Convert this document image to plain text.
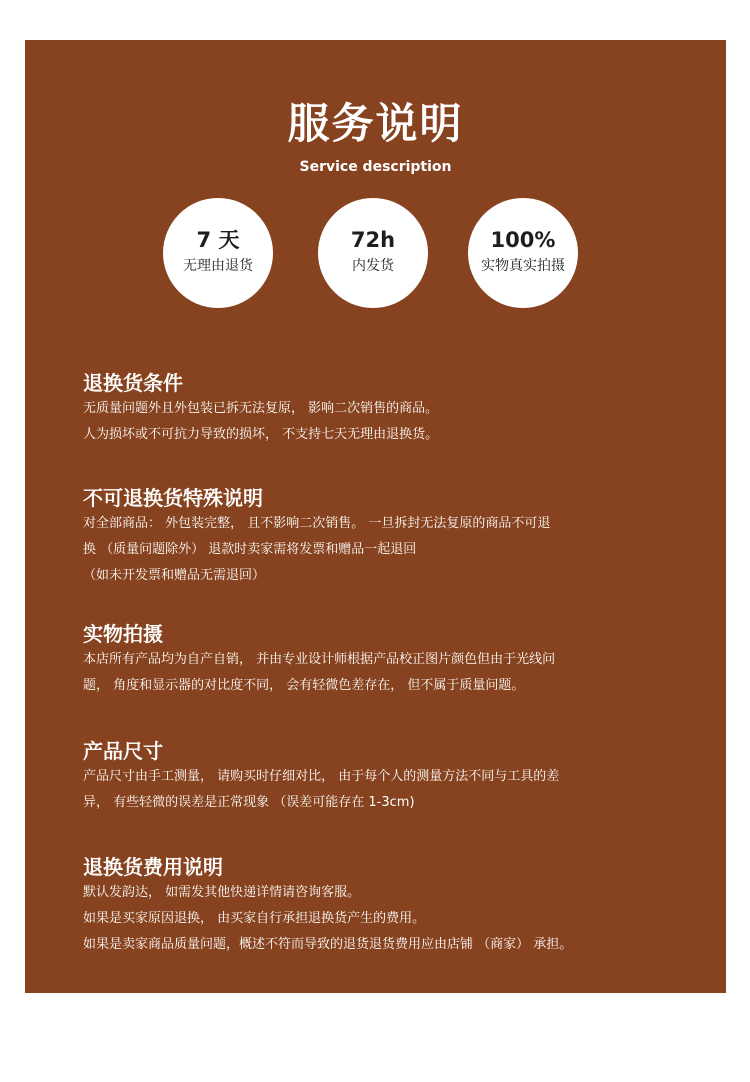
服务说明
Service description
7 天
无理由退货
72h
内发货
100%
实物真实拍摄
退换货条件

无质量问题外且外包装已拆无法复原， 影响二次销售的商品。

人为损坏或不可抗力导致的损坏， 不支持七天无理由退换货。

不可退换货特殊说明

对全部商品： 外包装完整， 且不影响二次销售。 一旦拆封无法复原的商品不可退

换 （质量问题除外） 退款时卖家需将发票和赠品一起退回

（如未开发票和赠品无需退回）

实物拍摄

本店所有产品均为自产自销， 并由专业设计师根据产品校正图片颜色但由于光线问

题， 角度和显示器的对比度不同， 会有轻微色差存在， 但不属于质量问题。

产品尺寸

产品尺寸由手工测量， 请购买时仔细对比， 由于每个人的测量方法不同与工具的差

异， 有些轻微的误差是正常现象 （误差可能存在 1-3cm)

退换货费用说明

默认发韵达， 如需发其他快递详情请咨询客服。

如果是买家原因退换， 由买家自行承担退换货产生的费用。

如果是卖家商品质量问题，概述不符而导致的退货退货费用应由店铺 （商家） 承担。
